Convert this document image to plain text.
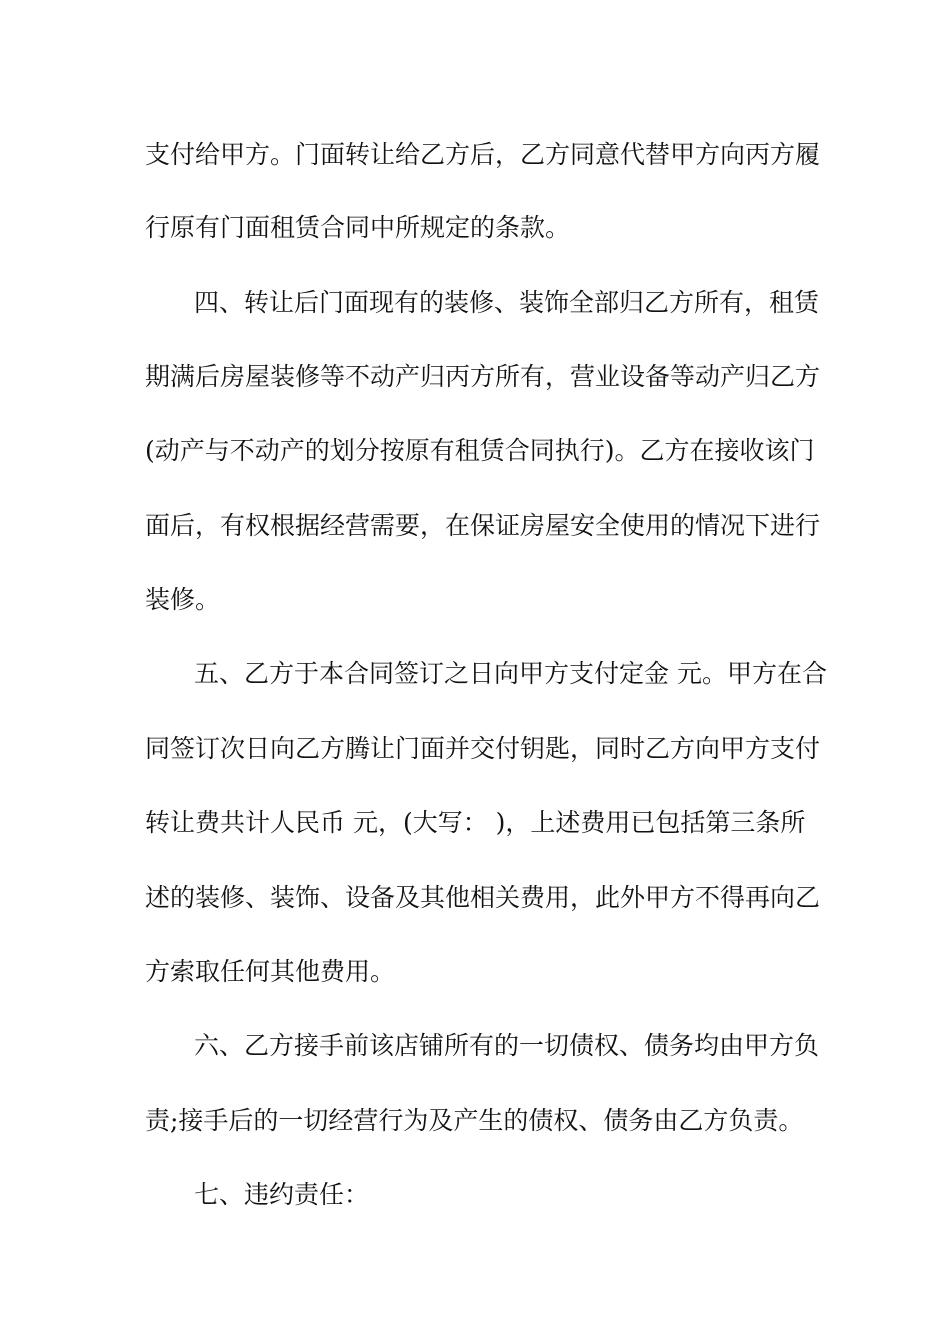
支付给甲方。门面转让给乙方后，乙方同意代替甲方向丙方履
行原有门面租赁合同中所规定的条款。
四、转让后门面现有的装修、装饰全部归乙方所有，租赁
期满后房屋装修等不动产归丙方所有，营业设备等动产归乙方
(动产与不动产的划分按原有租赁合同执行)。乙方在接收该门
面后，有权根据经营需要，在保证房屋安全使用的情况下进行
装修。
五、乙方于本合同签订之日向甲方支付定金 元。甲方在合
同签订次日向乙方腾让门面并交付钥匙，同时乙方向甲方支付
转让费共计人民币 元，(大写： )，上述费用已包括第三条所
述的装修、装饰、设备及其他相关费用，此外甲方不得再向乙
方索取任何其他费用。
六、乙方接手前该店铺所有的一切债权、债务均由甲方负
责;接手后的一切经营行为及产生的债权、债务由乙方负责。
七、违约责任：
